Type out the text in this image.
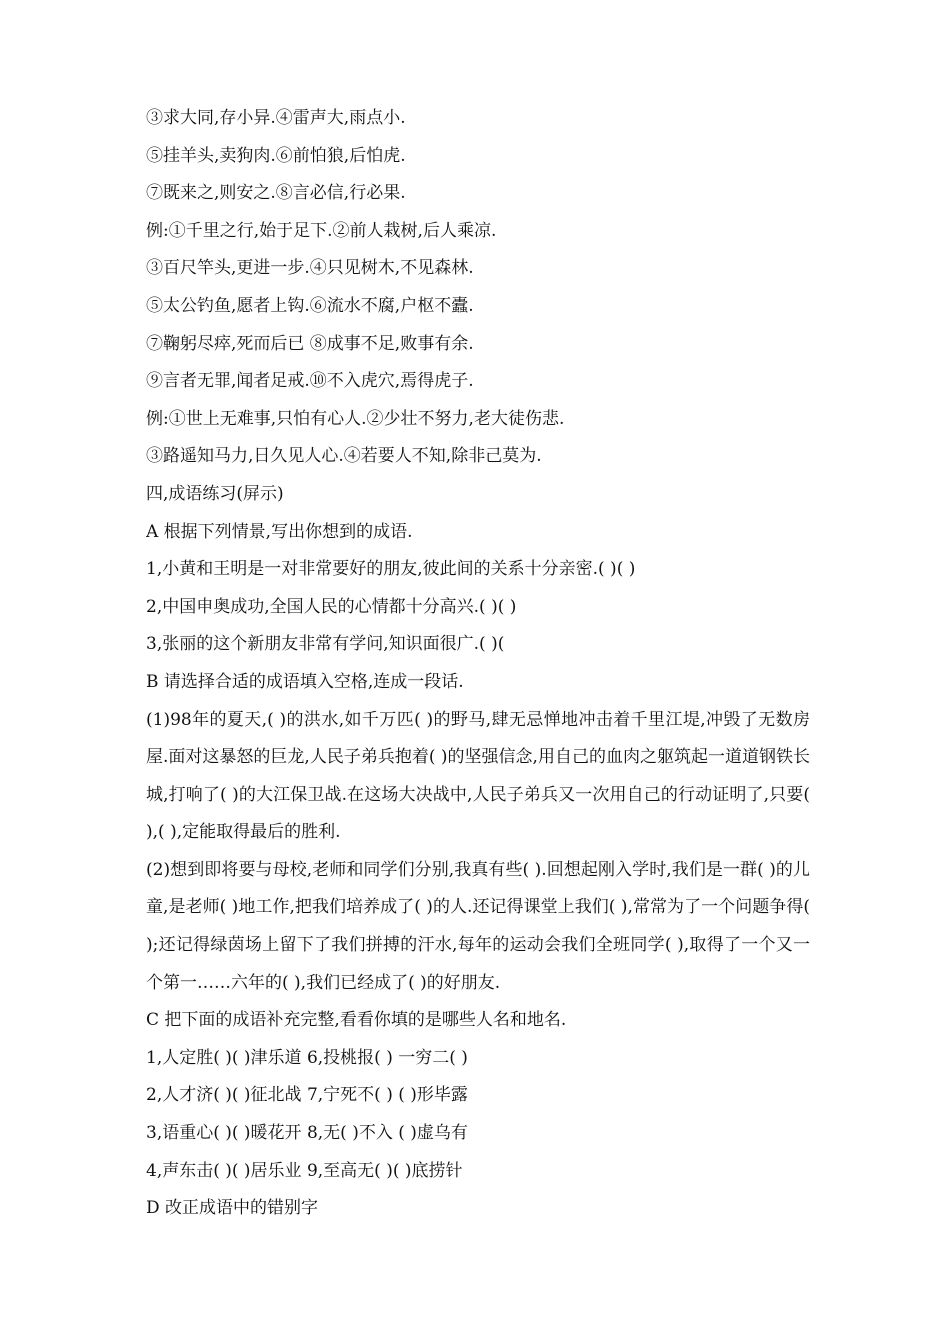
③求大同,存小异.④雷声大,雨点小.
⑤挂羊头,卖狗肉.⑥前怕狼,后怕虎.
⑦既来之,则安之.⑧言必信,行必果.
例:①千里之行,始于足下.②前人栽树,后人乘凉.
③百尺竿头,更进一步.④只见树木,不见森林.
⑤太公钓鱼,愿者上钩.⑥流水不腐,户枢不蠹.
⑦鞠躬尽瘁,死而后已 ⑧成事不足,败事有余.
⑨言者无罪,闻者足戒.⑩不入虎穴,焉得虎子.
例:①世上无难事,只怕有心人.②少壮不努力,老大徒伤悲.
③路遥知马力,日久见人心.④若要人不知,除非己莫为.
四,成语练习(屏示)
A 根据下列情景,写出你想到的成语.
1,小黄和王明是一对非常要好的朋友,彼此间的关系十分亲密.( )( )
2,中国申奥成功,全国人民的心情都十分高兴.( )( )
3,张丽的这个新朋友非常有学问,知识面很广.( )(
B 请选择合适的成语填入空格,连成一段话.
(1)98年的夏天,( )的洪水,如千万匹( )的野马,肆无忌惮地冲击着千里江堤,冲毁了无数房屋.面对这暴怒的巨龙,人民子弟兵抱着( )的坚强信念,用自己的血肉之躯筑起一道道钢铁长城,打响了( )的大江保卫战.在这场大决战中,人民子弟兵又一次用自己的行动证明了,只要( ),( ),定能取得最后的胜利.
(2)想到即将要与母校,老师和同学们分别,我真有些( ).回想起刚入学时,我们是一群( )的儿童,是老师( )地工作,把我们培养成了( )的人.还记得课堂上我们( ),常常为了一个问题争得( );还记得绿茵场上留下了我们拼搏的汗水,每年的运动会我们全班同学( ),取得了一个又一个第一……六年的( ),我们已经成了( )的好朋友.
C 把下面的成语补充完整,看看你填的是哪些人名和地名.
1,人定胜( )( )津乐道 6,投桃报( ) 一穷二( )
2,人才济( )( )征北战 7,宁死不( ) ( )形毕露
3,语重心( )( )暖花开 8,无( )不入 ( )虚乌有
4,声东击( )( )居乐业 9,至高无( )( )底捞针
D 改正成语中的错别字
